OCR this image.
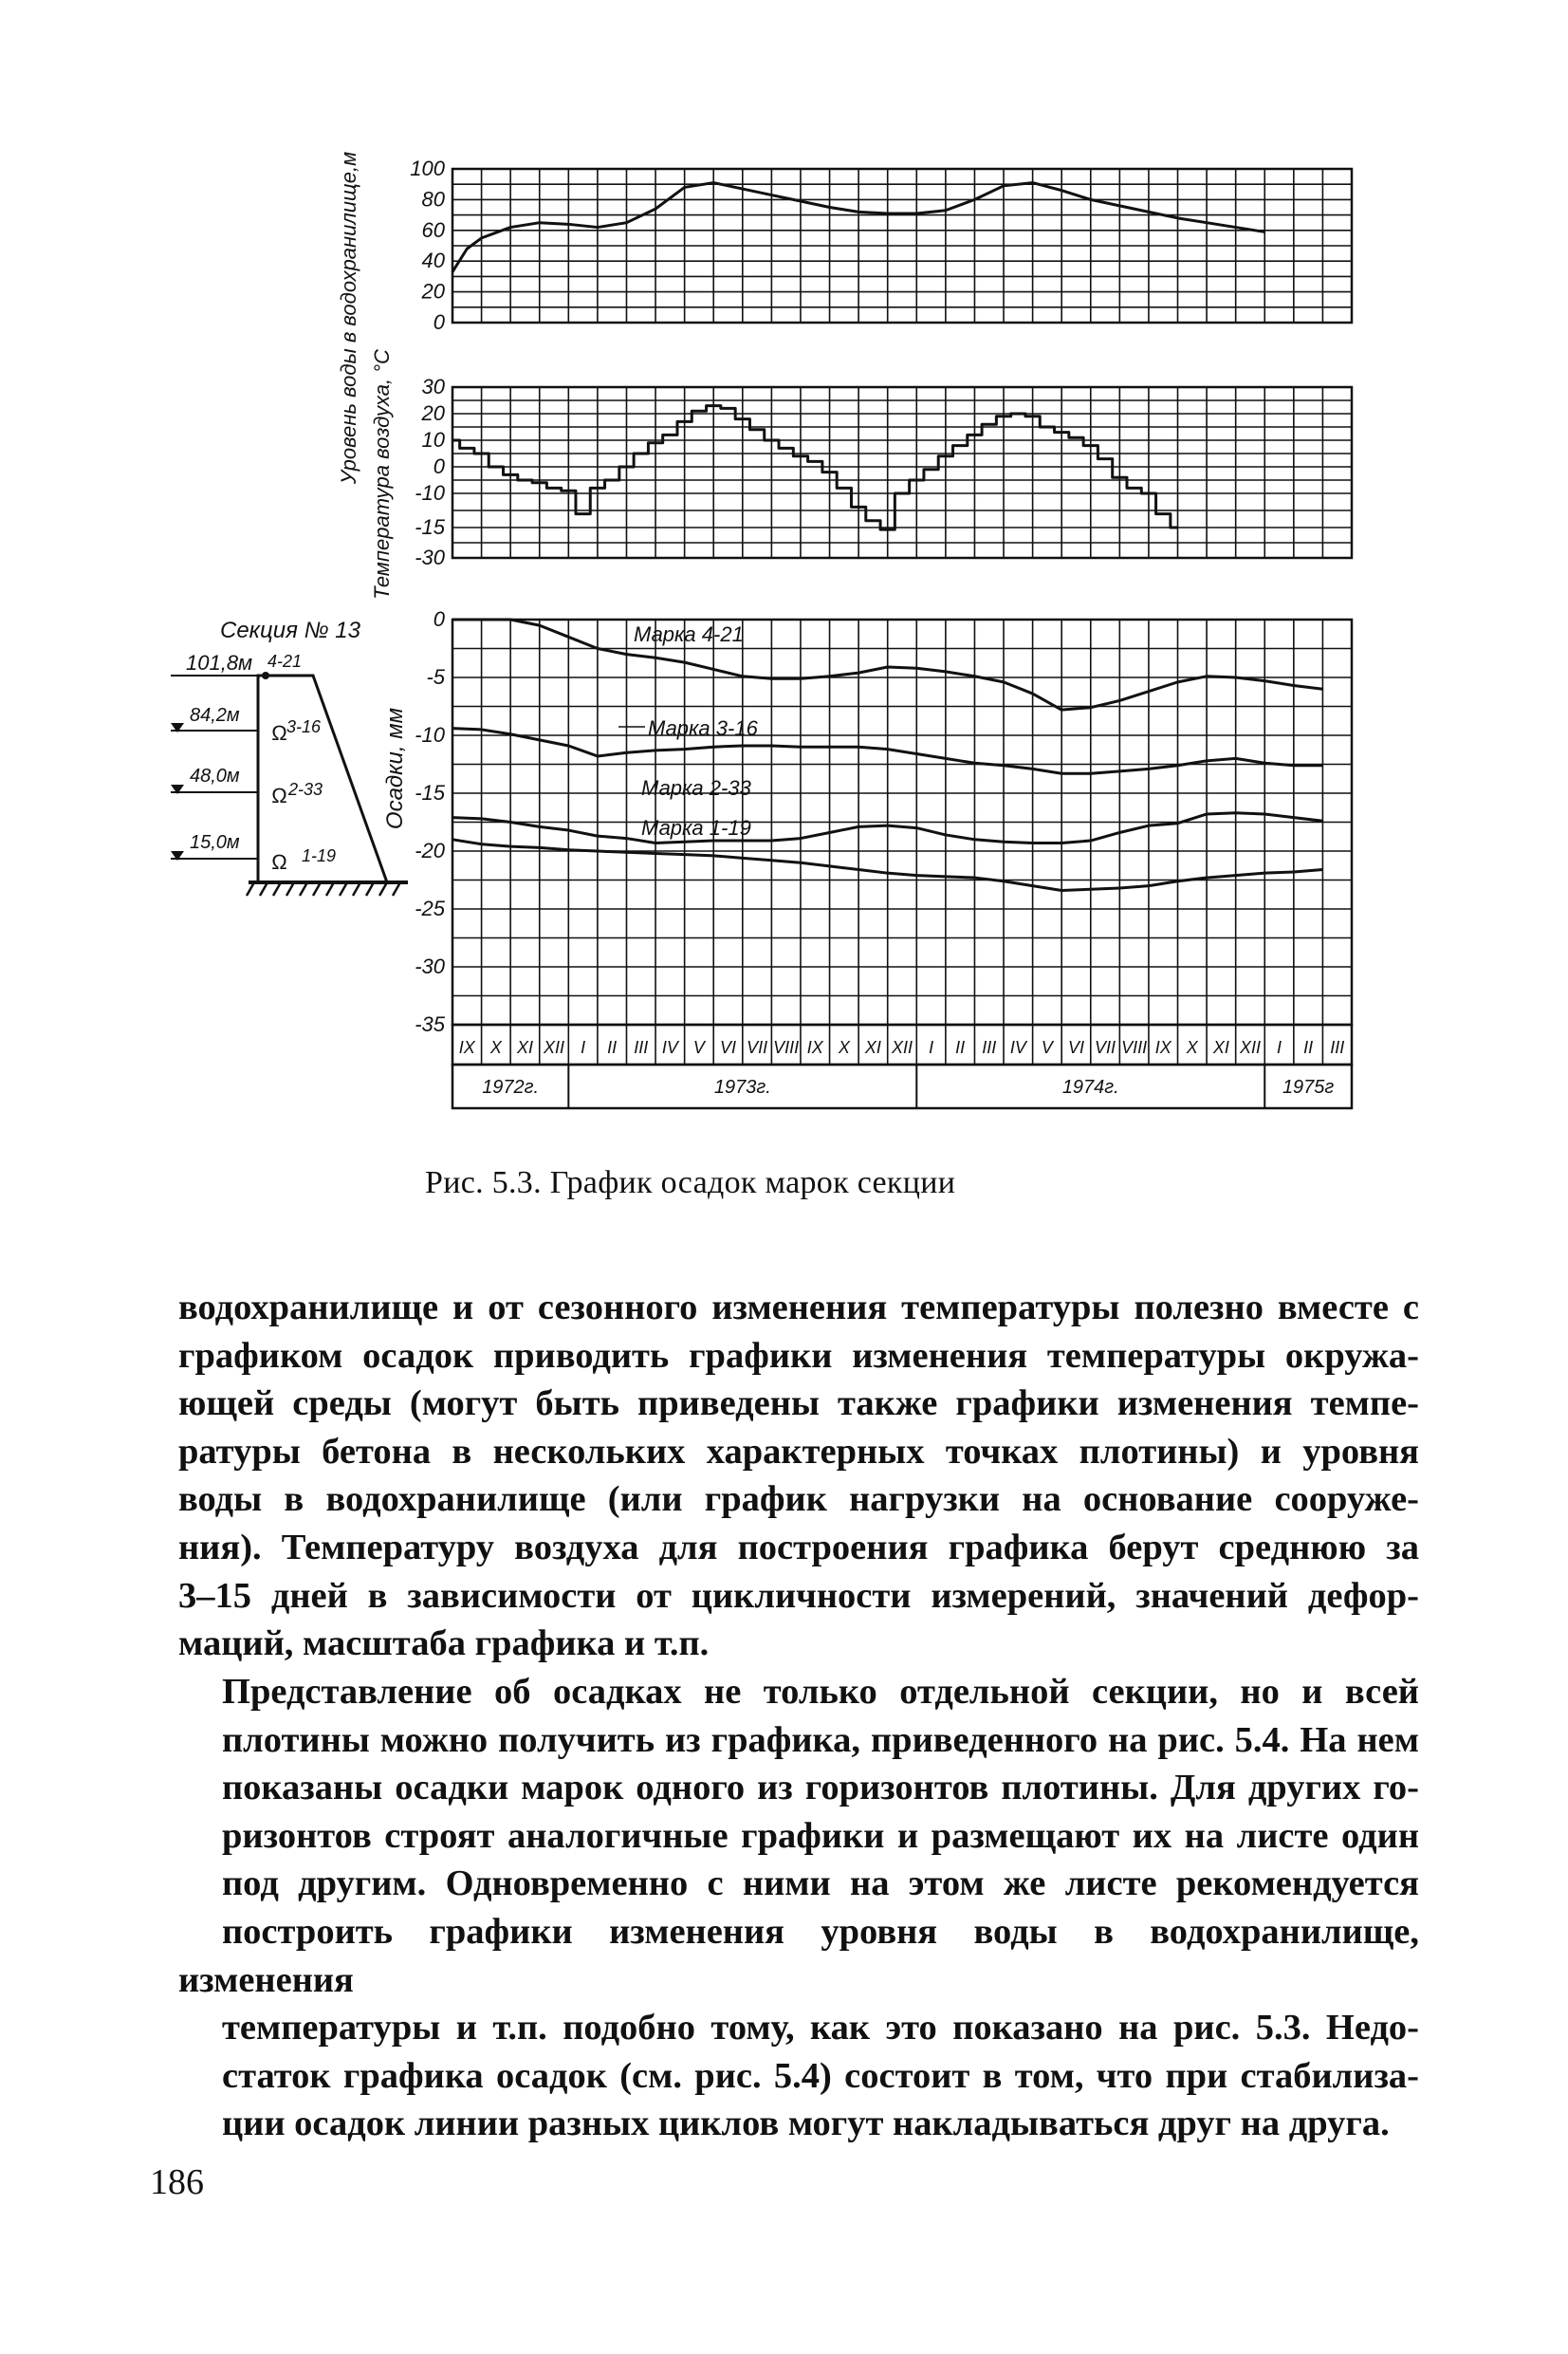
100
80
60
40
20
0
30
20
10
0
-10
-15
-30
0
-5
-10
-15
-20
-25
-30
-35
IX X XI XII I II III IV V VI VII VIII IX X XI XII I II III IV V VI VII VIII IX X XI XII I II III
1972г.	1973г.	1974г.	1975г
Марка 4-21
Марка 3-16
Марка 2-33
Марка 1-19
Уровень воды в водохранилище,м Температура воздуха, °С
Осадки, мм
Секция № 13
101,8м 4-21
84,2м
Ω 3-16
48,0м
Ω 2-33
15,0м
Ω 1-19
Рис. 5.3. График осадок марок секции
водохранилище и от сезонного изменения температуры полезно вместе с
графиком осадок приводить графики изменения температуры окружа-
ющей среды (могут быть приведены также графики изменения темпе-
ратуры бетона в нескольких характерных точках плотины) и уровня
воды в водохранилище (или график нагрузки на основание сооруже-
ния). Температуру воздуха для построения графика берут среднюю за
3–15 дней в зависимости от цикличности измерений, значений дефор-
маций, масштаба графика и т.п.
Представление об осадках не только отдельной секции, но и всей
плотины можно получить из графика, приведенного на рис. 5.4. На нем
показаны осадки марок одного из горизонтов плотины. Для других го-
ризонтов строят аналогичные графики и размещают их на листе один
под другим. Одновременно с ними на этом же листе рекомендуется
построить графики изменения уровня воды в водохранилище, изменения
температуры и т.п. подобно тому, как это показано на рис. 5.3. Недо-
статок графика осадок (см. рис. 5.4) состоит в том, что при стабилиза-
ции осадок линии разных циклов могут накладываться друг на друга.
186
